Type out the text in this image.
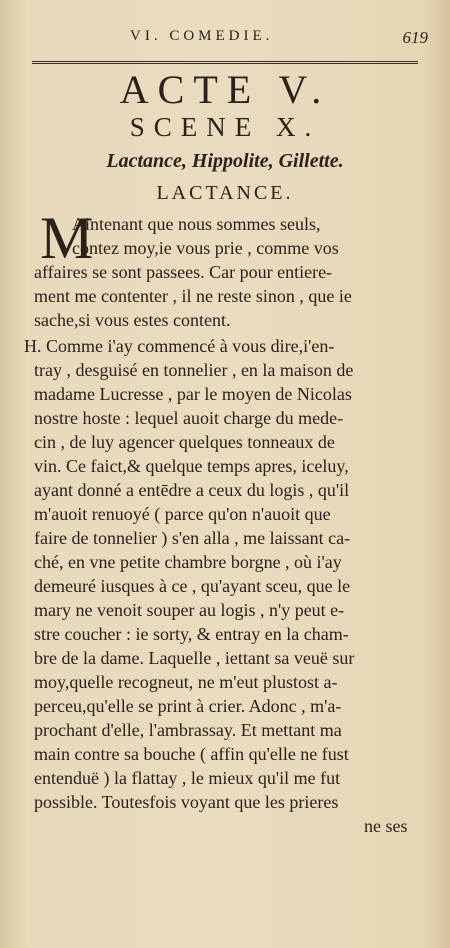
VI. COMEDIE.	619
ACTE V.
SCENE X.
Lactance, Hippolite, Gillette.
LACTANCE.
M
Aintenant que nous sommes seuls,
contez moy,ie vous prie , comme vos
affaires se sont passees. Car pour entiere-
ment me contenter , il ne reste sinon , que ie
sache,si vous estes content.
H. Comme i'ay commencé à vous dire,i'en-
tray , desguisé en tonnelier , en la maison de
madame Lucresse , par le moyen de Nicolas
nostre hoste : lequel auoit charge du mede-
cin , de luy agencer quelques tonneaux de
vin. Ce faict,& quelque temps apres, iceluy,
ayant donné a entēdre a ceux du logis , qu'il
m'auoit renuoyé ( parce qu'on n'auoit que
faire de tonnelier ) s'en alla , me laissant ca-
ché, en vne petite chambre borgne , où i'ay
demeuré iusques à ce , qu'ayant sceu, que le
mary ne venoit souper au logis , n'y peut e-
stre coucher : ie sorty, & entray en la cham-
bre de la dame. Laquelle , iettant sa veuë sur
moy,quelle recogneut, ne m'eut plustost a-
perceu,qu'elle se print à crier. Adonc , m'a-
prochant d'elle, l'ambrassay. Et mettant ma
main contre sa bouche ( affin qu'elle ne fust
entenduë ) la flattay , le mieux qu'il me fut
possible. Toutesfois voyant que les prieres
ne ses
